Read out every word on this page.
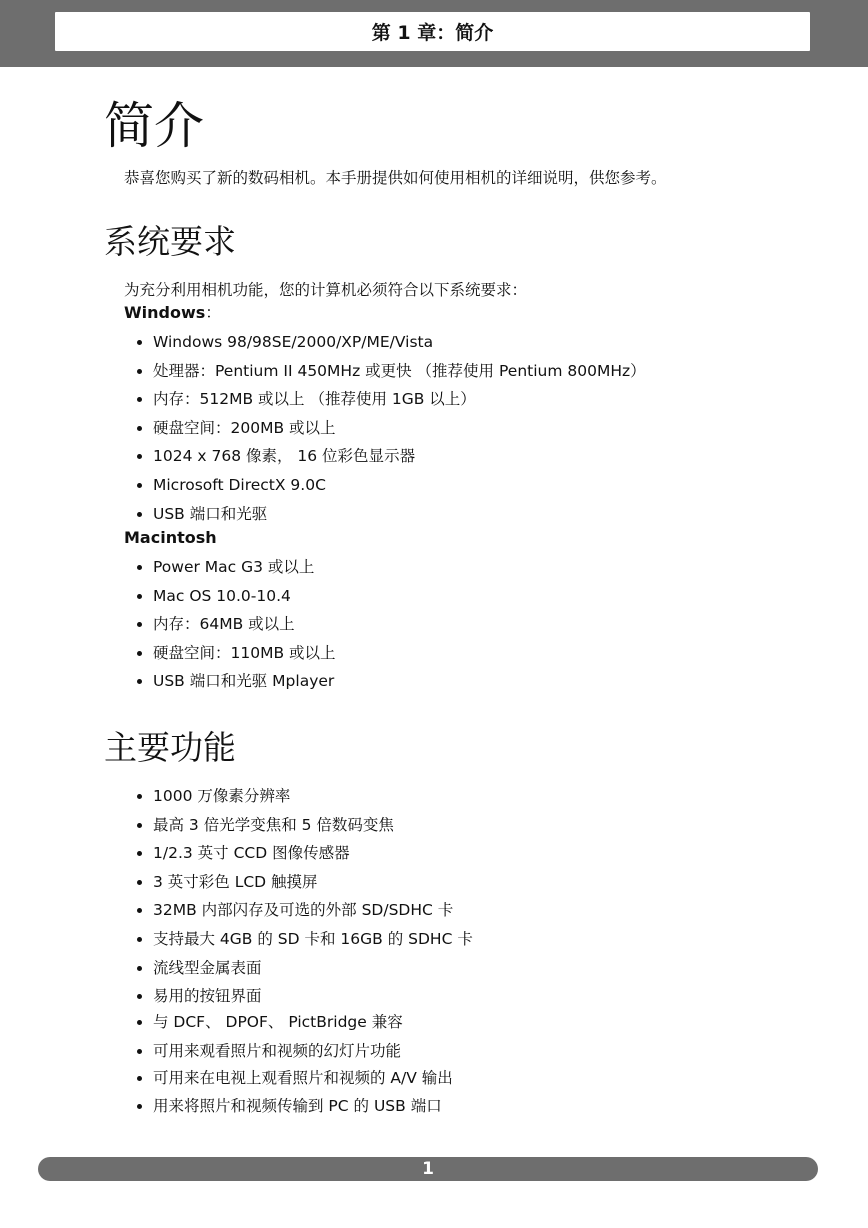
第 1 章：简介
简介
恭喜您购买了新的数码相机。本手册提供如何使用相机的详细说明，供您参考。
系统要求
为充分利用相机功能，您的计算机必须符合以下系统要求：
Windows：
Windows 98/98SE/2000/XP/ME/Vista
处理器：Pentium II 450MHz 或更快 （推荐使用 Pentium 800MHz）
内存：512MB 或以上 （推荐使用 1GB 以上）
硬盘空间：200MB 或以上
1024 x 768 像素， 16 位彩色显示器
Microsoft DirectX 9.0C
USB 端口和光驱
Macintosh
Power Mac G3 或以上
Mac OS 10.0-10.4
内存：64MB 或以上
硬盘空间：110MB 或以上
USB 端口和光驱 Mplayer
主要功能
1000 万像素分辨率
最高 3 倍光学变焦和 5 倍数码变焦
1/2.3 英寸 CCD 图像传感器
3 英寸彩色 LCD 触摸屏
32MB 内部闪存及可选的外部 SD/SDHC 卡
支持最大 4GB 的 SD 卡和 16GB 的 SDHC 卡
流线型金属表面
易用的按钮界面
与 DCF、 DPOF、 PictBridge 兼容
可用来观看照片和视频的幻灯片功能
可用来在电视上观看照片和视频的 A/V 输出
用来将照片和视频传输到 PC 的 USB 端口
1
